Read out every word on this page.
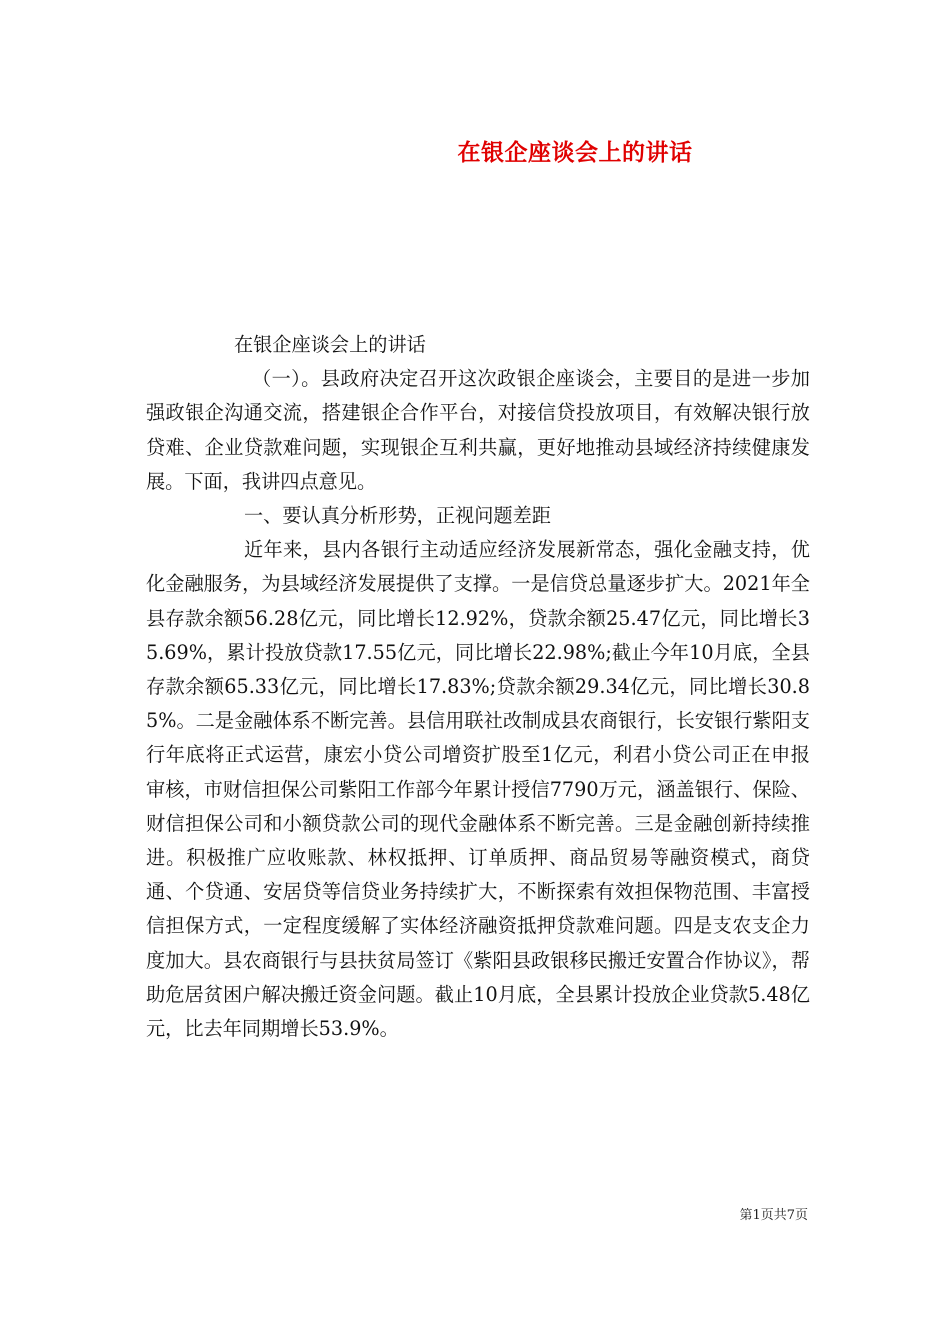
在银企座谈会上的讲话

在银企座谈会上的讲话

（一）。县政府决定召开这次政银企座谈会，主要目的是进一步加强政银企沟通交流，搭建银企合作平台，对接信贷投放项目，有效解决银行放贷难、企业贷款难问题，实现银企互利共赢，更好地推动县域经济持续健康发展。下面，我讲四点意见。

一、要认真分析形势，正视问题差距

近年来，县内各银行主动适应经济发展新常态，强化金融支持，优化金融服务，为县域经济发展提供了支撑。一是信贷总量逐步扩大。2021年全县存款余额56.28亿元，同比增长12.92%，贷款余额25.47亿元，同比增长35.69%，累计投放贷款17.55亿元，同比增长22.98%;截止今年10月底，全县存款余额65.33亿元，同比增长17.83%;贷款余额29.34亿元，同比增长30.85%。二是金融体系不断完善。县信用联社改制成县农商银行，长安银行紫阳支行年底将正式运营，康宏小贷公司增资扩股至1亿元，利君小贷公司正在申报审核，市财信担保公司紫阳工作部今年累计授信7790万元，涵盖银行、保险、财信担保公司和小额贷款公司的现代金融体系不断完善。三是金融创新持续推进。积极推广应收账款、林权抵押、订单质押、商品贸易等融资模式，商贷通、个贷通、安居贷等信贷业务持续扩大，不断探索有效担保物范围、丰富授信担保方式，一定程度缓解了实体经济融资抵押贷款难问题。四是支农支企力度加大。县农商银行与县扶贫局签订《紫阳县政银移民搬迁安置合作协议》，帮助危居贫困户解决搬迁资金问题。截止10月底，全县累计投放企业贷款5.48亿元，比去年同期增长53.9%。

第1页共7页
